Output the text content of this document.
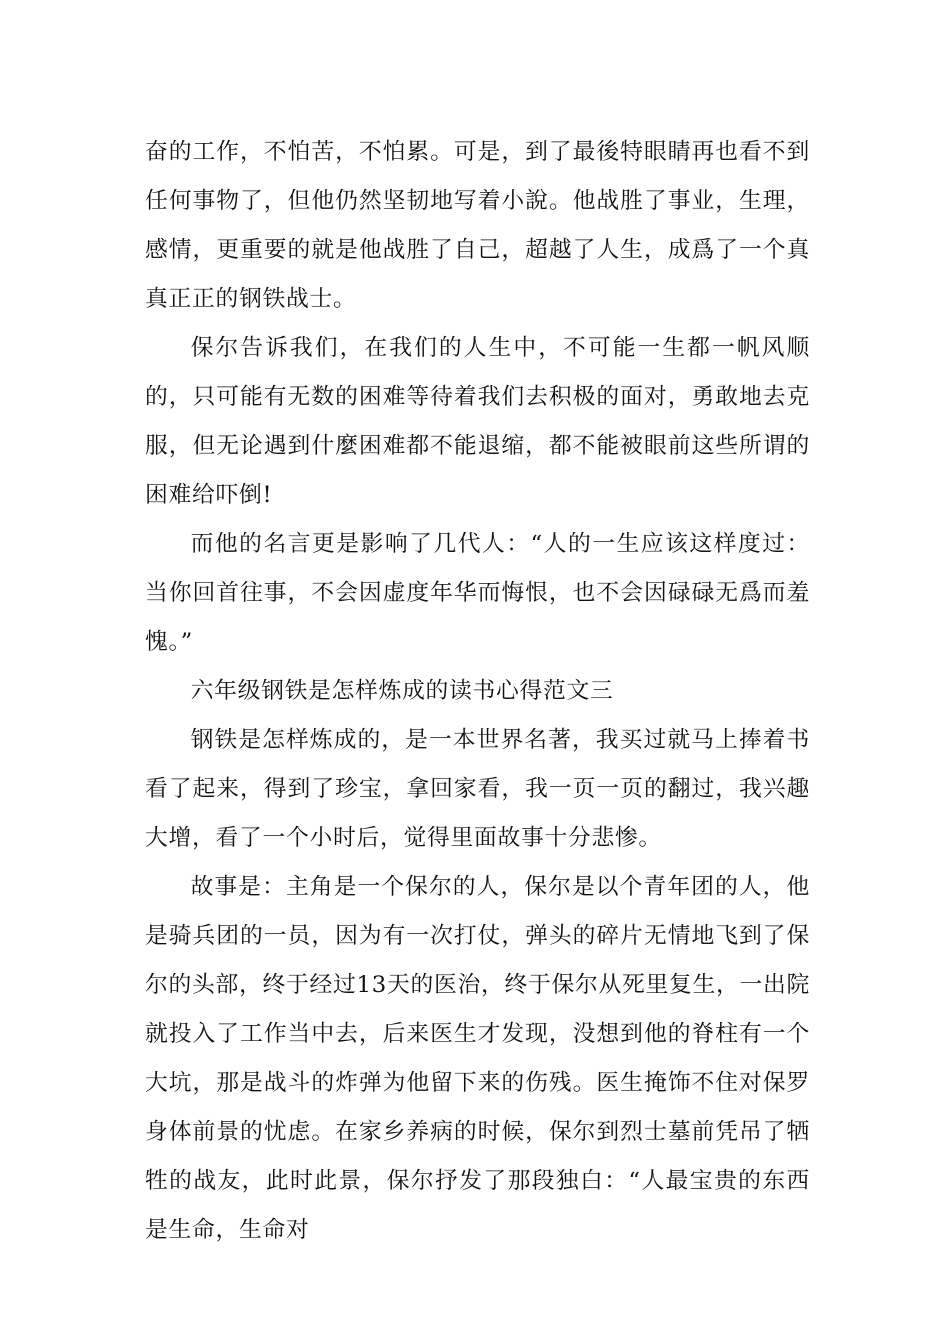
奋的工作，不怕苦，不怕累。可是，到了最後特眼睛再也看不到任何事物了，但他仍然坚韧地写着小說。他战胜了事业，生理，感情，更重要的就是他战胜了自己，超越了人生，成爲了一个真真正正的钢铁战士。

保尔告诉我们，在我们的人生中，不可能一生都一帆风顺的，只可能有无数的困难等待着我们去积极的面对，勇敢地去克服，但无论遇到什麼困难都不能退缩，都不能被眼前这些所谓的困难给吓倒!

而他的名言更是影响了几代人：“人的一生应该这样度过：当你回首往事，不会因虚度年华而悔恨，也不会因碌碌无爲而羞愧。”

六年级钢铁是怎样炼成的读书心得范文三

钢铁是怎样炼成的，是一本世界名著，我买过就马上捧着书看了起来，得到了珍宝，拿回家看，我一页一页的翻过，我兴趣大增，看了一个小时后，觉得里面故事十分悲惨。

故事是：主角是一个保尔的人，保尔是以个青年团的人，他是骑兵团的一员，因为有一次打仗，弹头的碎片无情地飞到了保尔的头部，终于经过13天的医治，终于保尔从死里复生，一出院就投入了工作当中去，后来医生才发现，没想到他的脊柱有一个大坑，那是战斗的炸弹为他留下来的伤残。医生掩饰不住对保罗身体前景的忧虑。在家乡养病的时候，保尔到烈士墓前凭吊了牺牲的战友，此时此景，保尔抒发了那段独白：“人最宝贵的东西是生命，生命对
